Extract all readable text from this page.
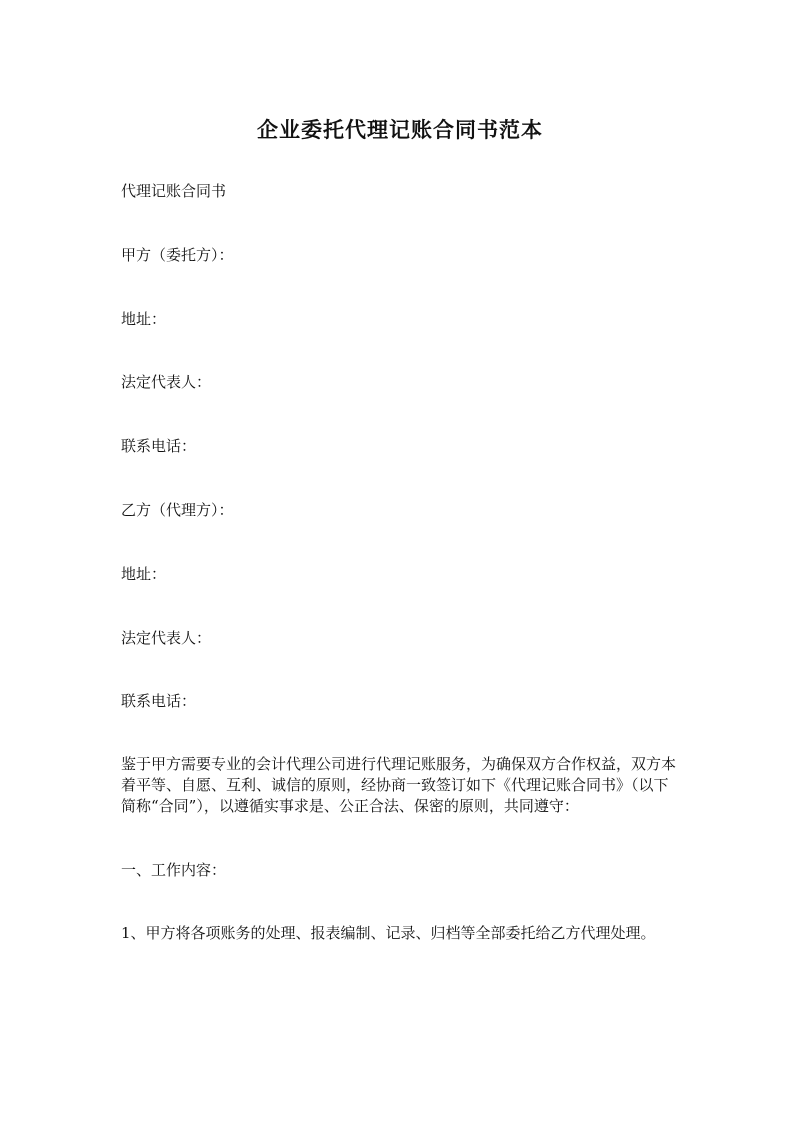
企业委托代理记账合同书范本

代理记账合同书

甲方（委托方）：

地址：

法定代表人：

联系电话：

乙方（代理方）：

地址：

法定代表人：

联系电话：

鉴于甲方需要专业的会计代理公司进行代理记账服务，为确保双方合作权益，双方本
着平等、自愿、互利、诚信的原则，经协商一致签订如下《代理记账合同书》（以下
简称“合同”），以遵循实事求是、公正合法、保密的原则，共同遵守：

一、工作内容：

1、甲方将各项账务的处理、报表编制、记录、归档等全部委托给乙方代理处理。
